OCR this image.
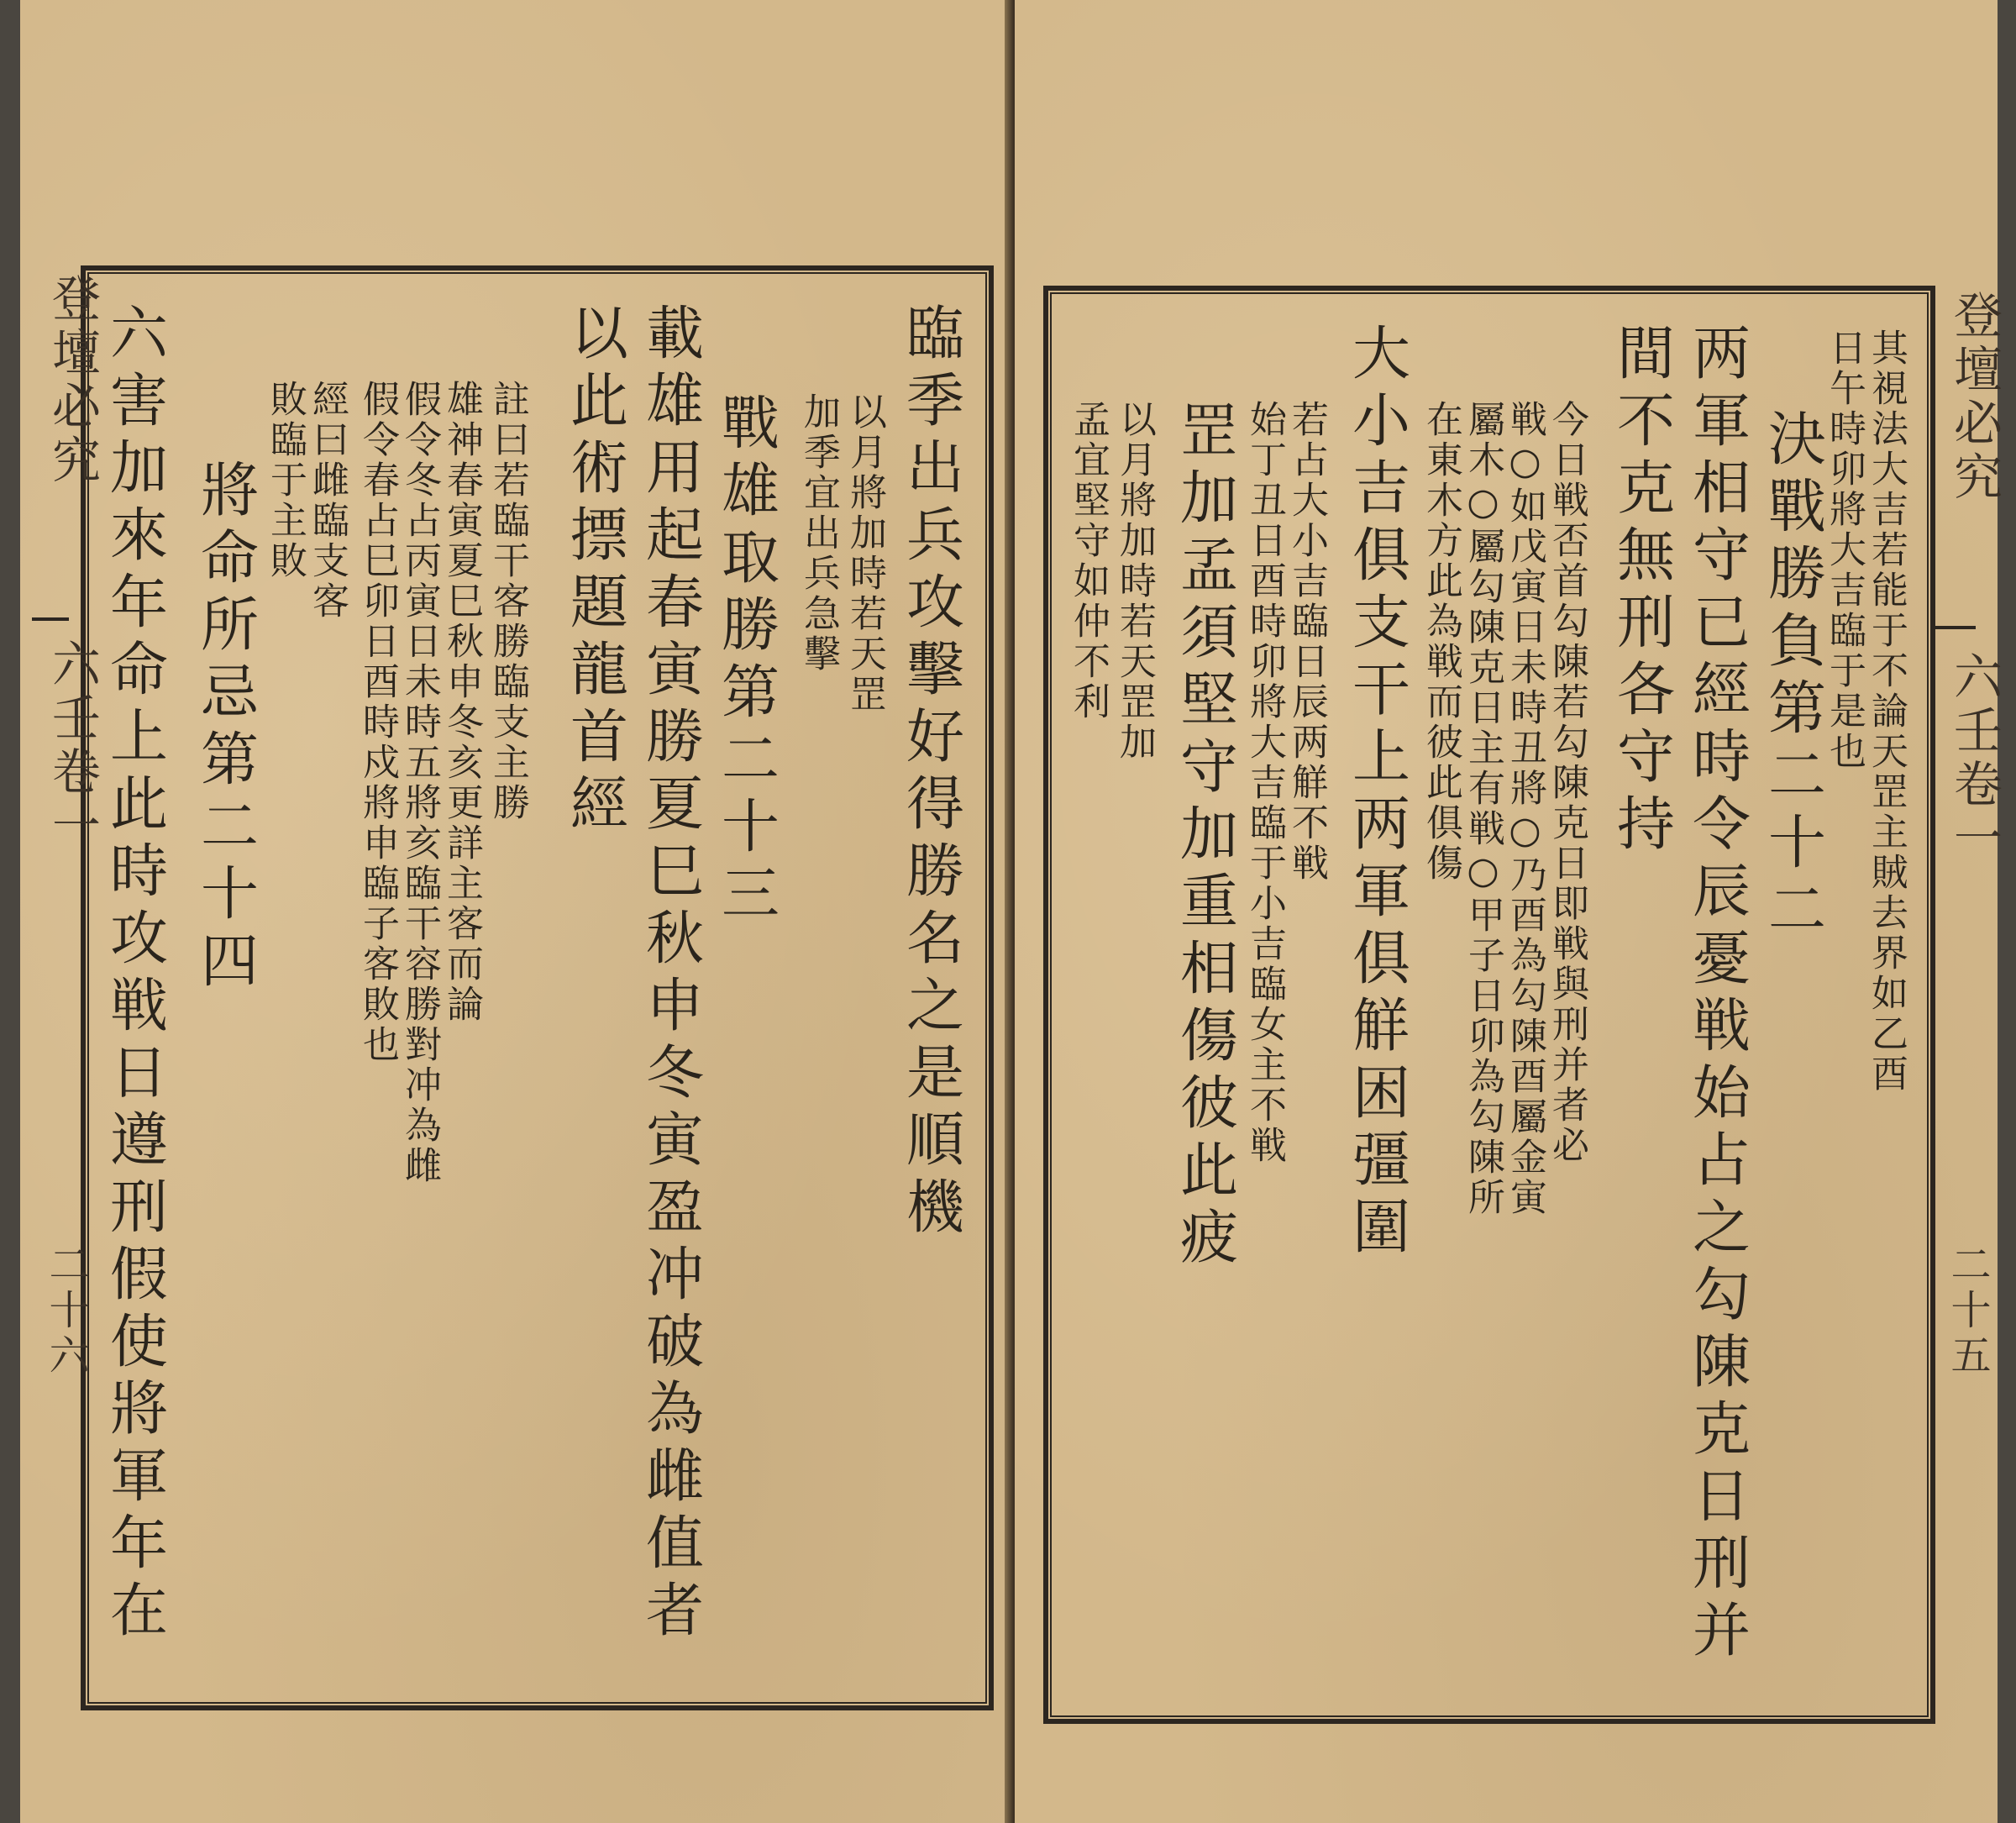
臨季出兵攻擊好得勝名之是順機
以月將加時若天罡
加季宜出兵急擊
戰雄取勝第二十三
載雄用起春寅勝夏巳秋申冬寅盈冲破為雌值者
以此術摽題龍首經
註曰若臨干客勝臨支主勝
雄神春寅夏巳秋申冬亥更詳主客而論
假令冬占丙寅日未時五將亥臨干容勝對冲為雌
假令春占巳卯日酉時戍將申臨子客敗也
經曰雌臨支客
敗臨于主敗
將命所忌第二十四
六害加來年命上此時攻戦日遵刑假使將軍年在
登壇必究
六壬卷一
二十六
其視法大吉若能于不論天罡主賊去界如乙酉
日午時卯將大吉臨于是也
決戰勝負第二十二
两軍相守已經時令辰憂戦始占之勾陳克日刑并
間不克無刑各守持
今日戦否首勾陳若勾陳克日即戦與刑并者必
戦○如戊寅日未時丑將○乃酉為勾陳酉屬金寅
屬木○屬勾陳克日主有戦○甲子日卯為勾陳所
在東木方此為戦而彼此俱傷
大小吉俱支干上两軍俱觧困彊圍
若占大小吉臨日辰两觧不戦
始丁丑日酉時卯將大吉臨于小吉臨女主不戦
罡加孟須堅守加重相傷彼此疲
以月將加時若天罡加
孟宜堅守如仲不利
登壇必究
六壬卷一
二十五
